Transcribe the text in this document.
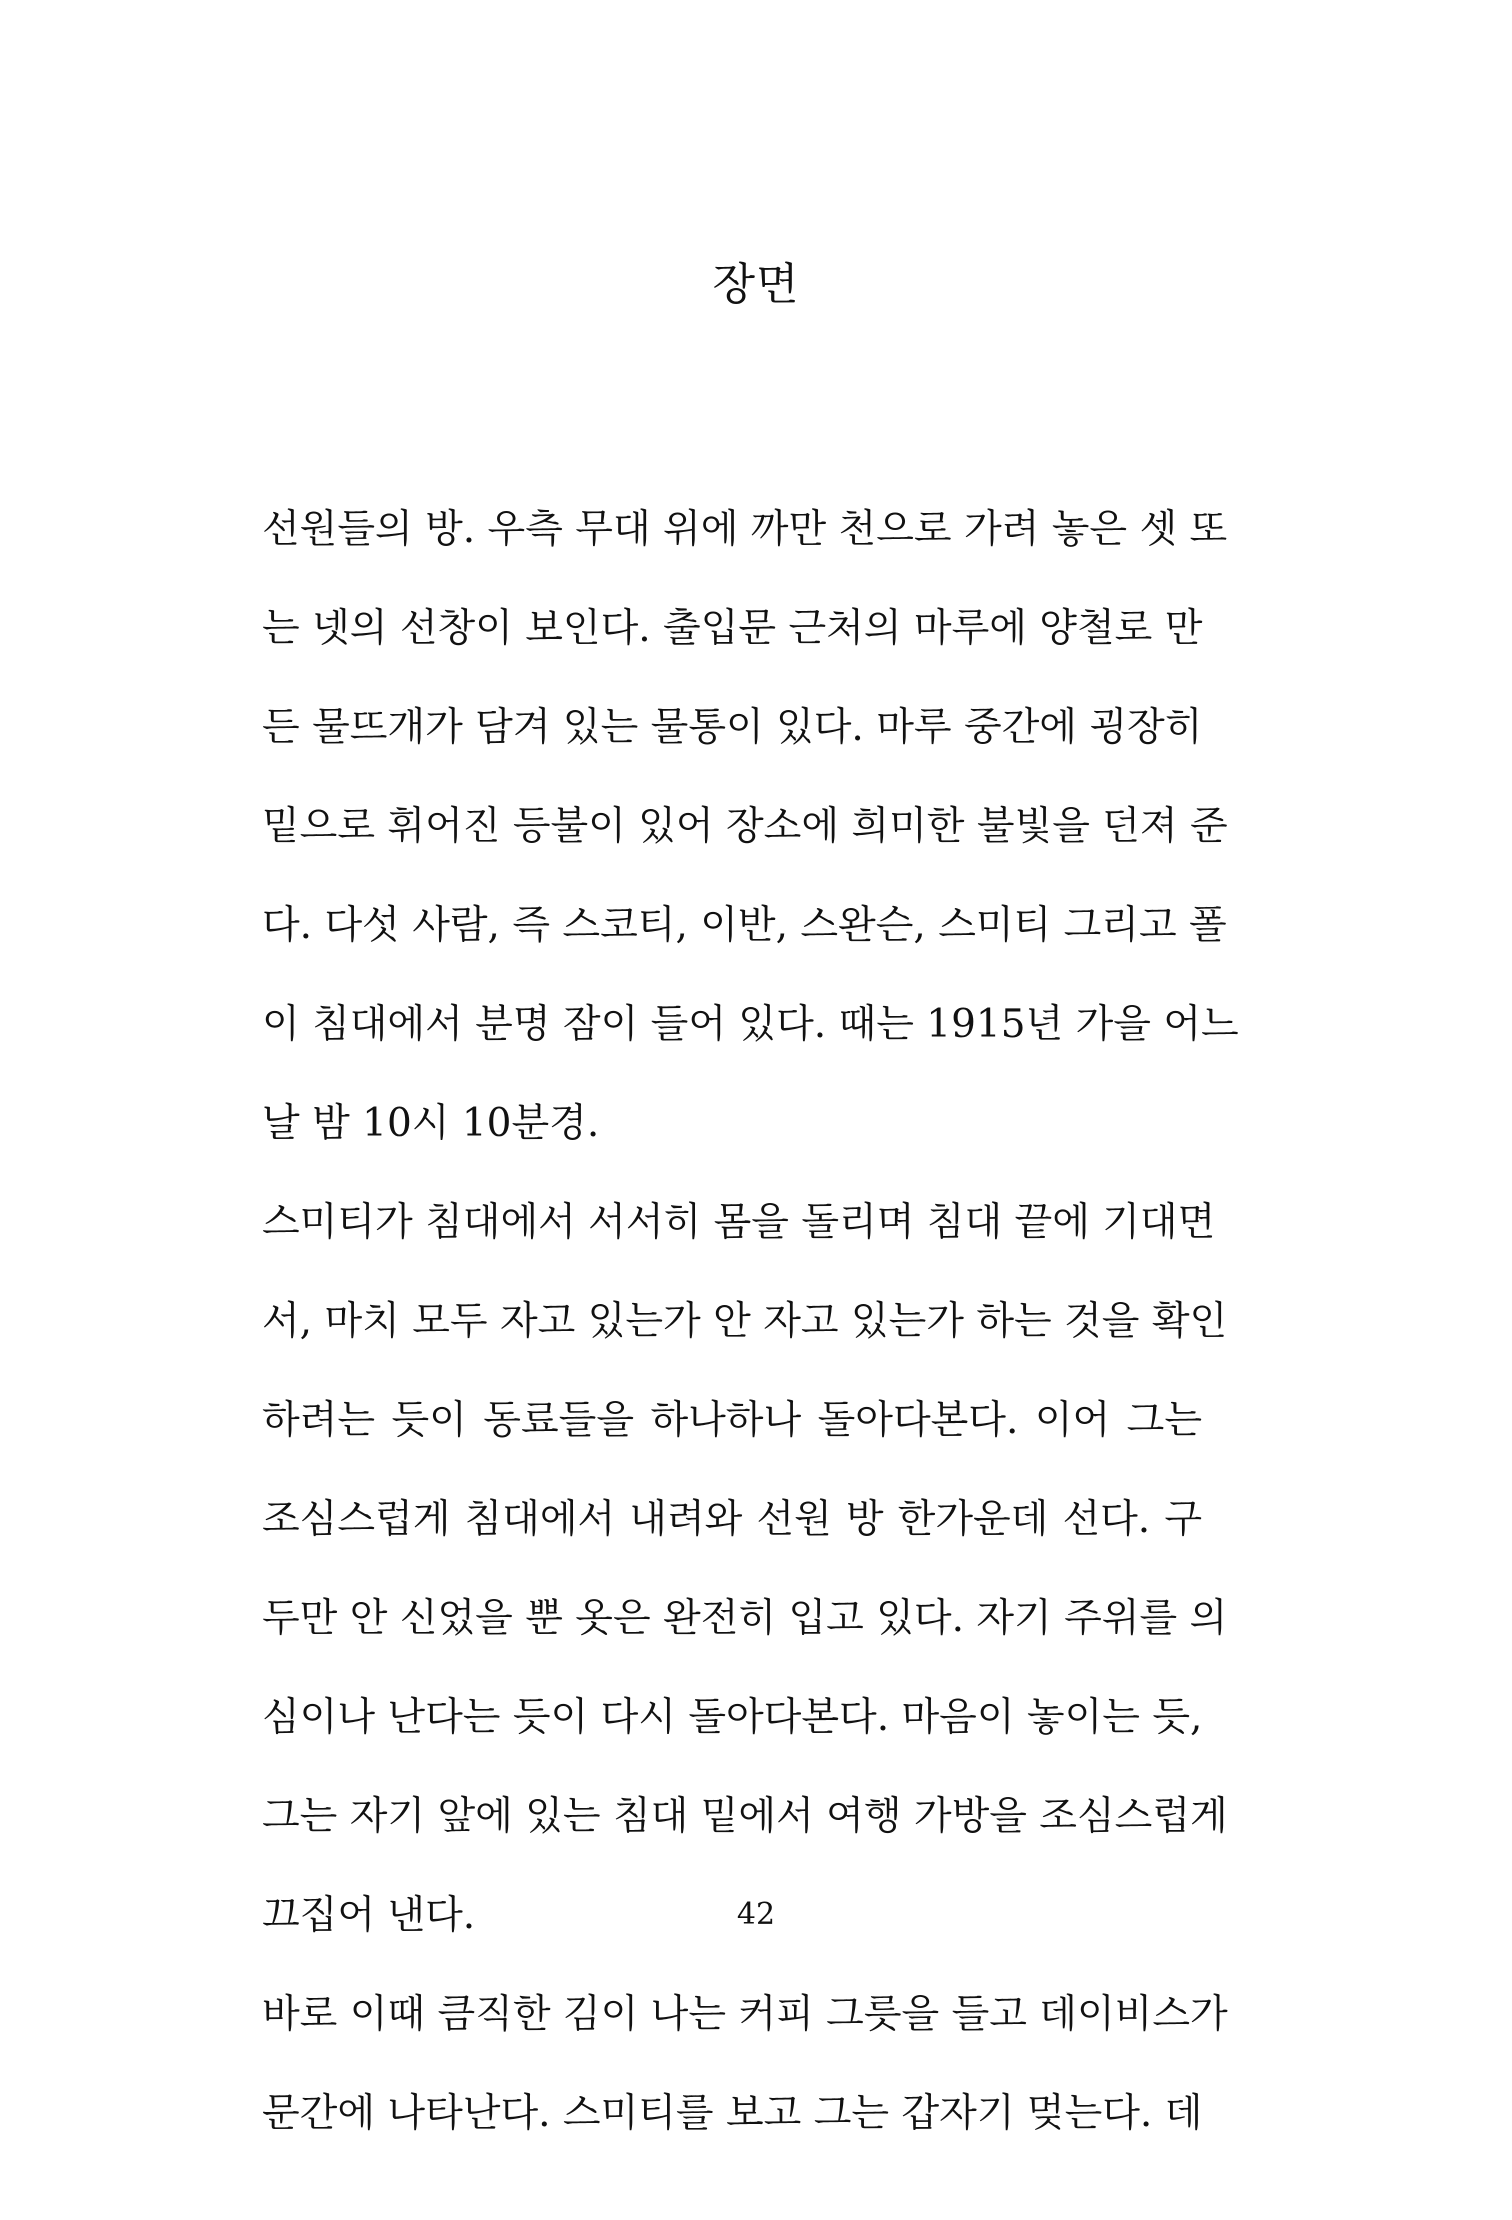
장면
선원들의 방. 우측 무대 위에 까만 천으로 가려 놓은 셋 또
는 넷의 선창이 보인다. 출입문 근처의 마루에 양철로 만
든 물뜨개가 담겨 있는 물통이 있다. 마루 중간에 굉장히
밑으로 휘어진 등불이 있어 장소에 희미한 불빛을 던져 준
다. 다섯 사람, 즉 스코티, 이반, 스완슨, 스미티 그리고 폴
이 침대에서 분명 잠이 들어 있다. 때는 1915년 가을 어느
날 밤 10시 10분경.
스미티가 침대에서 서서히 몸을 돌리며 침대 끝에 기대면
서, 마치 모두 자고 있는가 안 자고 있는가 하는 것을 확인
하려는 듯이 동료들을 하나하나 돌아다본다. 이어 그는
조심스럽게 침대에서 내려와 선원 방 한가운데 선다. 구
두만 안 신었을 뿐 옷은 완전히 입고 있다. 자기 주위를 의
심이나 난다는 듯이 다시 돌아다본다. 마음이 놓이는 듯,
그는 자기 앞에 있는 침대 밑에서 여행 가방을 조심스럽게
끄집어 낸다.
바로 이때 큼직한 김이 나는 커피 그릇을 들고 데이비스가
문간에 나타난다. 스미티를 보고 그는 갑자기 멎는다. 데
42
